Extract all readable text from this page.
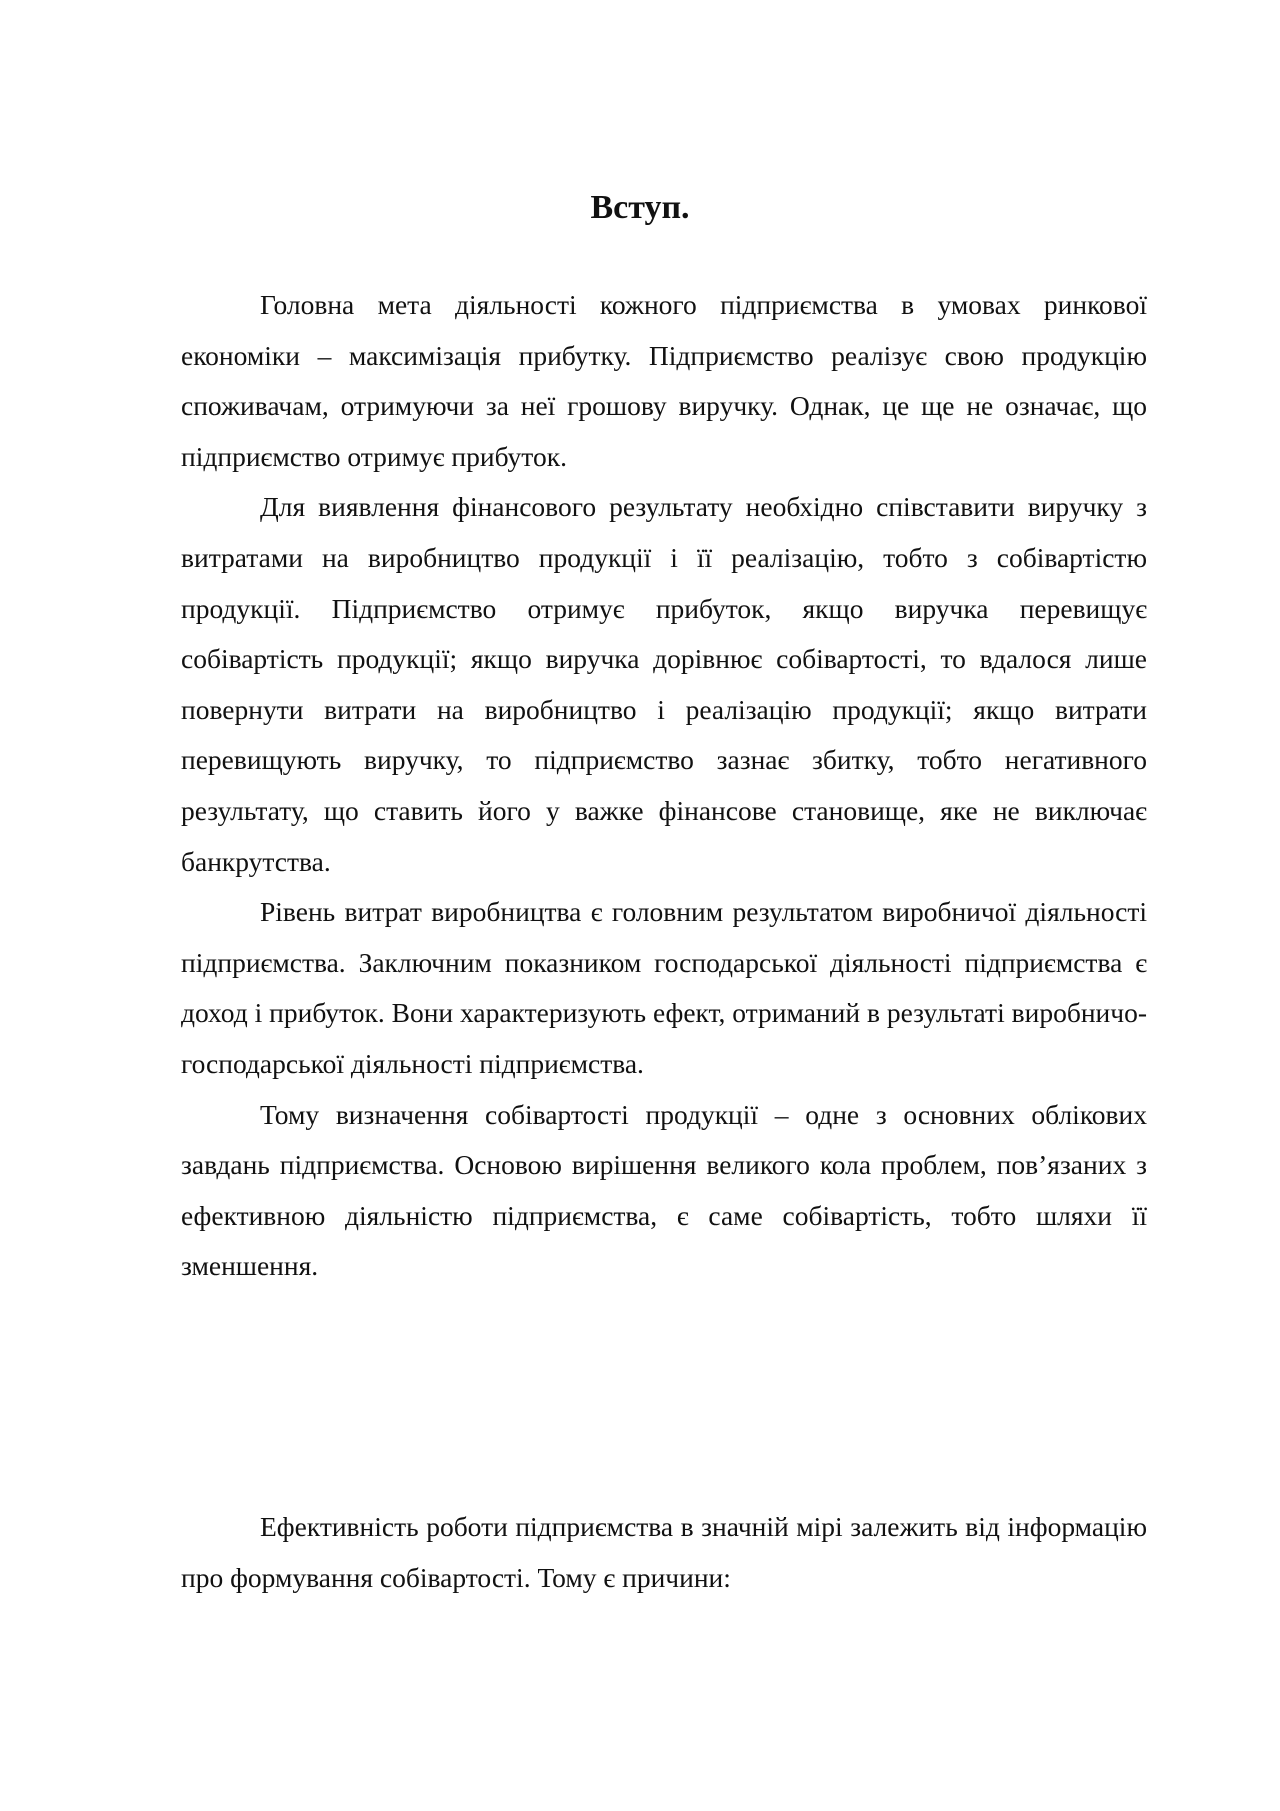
Вступ.

Головна мета діяльності кожного підприємства в умовах ринкової економіки – максимізація прибутку. Підприємство реалізує свою продукцію споживачам, отримуючи за неї грошову виручку. Однак, це ще не означає, що підприємство отримує прибуток.

Для виявлення фінансового результату необхідно співставити виручку з витратами на виробництво продукції і її реалізацію, тобто з собівартістю продукції. Підприємство отримує прибуток, якщо виручка перевищує собівартість продукції; якщо виручка дорівнює собівартості, то вдалося лише повернути витрати на виробництво і реалізацію продукції; якщо витрати перевищують виручку, то підприємство зазнає збитку, тобто негативного результату, що ставить його у важке фінансове становище, яке не виключає банкрутства.

Рівень витрат виробництва є головним результатом виробничої діяльності підприємства. Заключним показником господарської діяльності підприємства є доход і прибуток. Вони характеризують ефект, отриманий в результаті виробничо-господарської діяльності підприємства.

Тому визначення собівартості продукції – одне з основних облікових завдань підприємства. Основою вирішення великого кола проблем, пов’язаних з ефективною діяльністю підприємства, є саме собівартість, тобто шляхи її зменшення.

Ефективність роботи підприємства в значній мірі залежить від інформацію про формування собівартості. Тому є причини:
